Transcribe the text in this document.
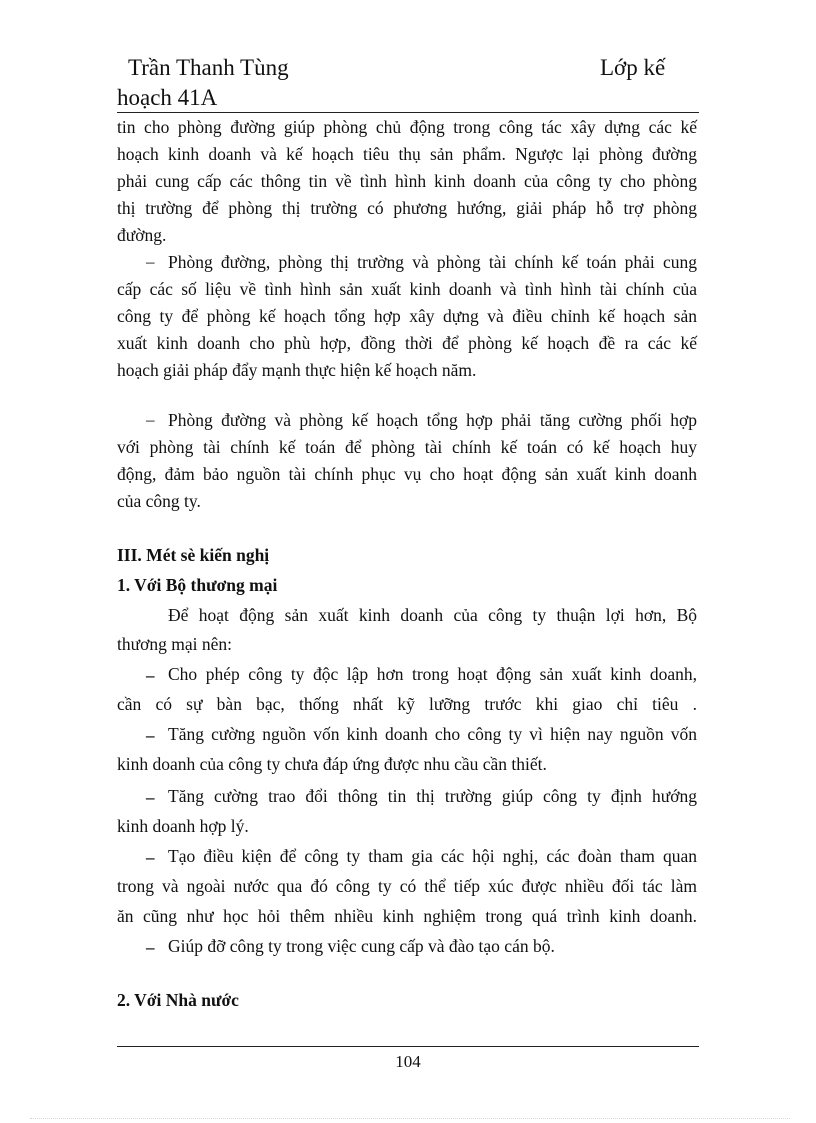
Trần Thanh Tùng	Lớp kế
hoạch 41A
tin cho phòng đường giúp phòng chủ động trong công tác xây dựng các kế
hoạch kinh doanh và kế hoạch tiêu thụ sản phẩm. Ngược lại phòng đường
phải cung cấp các thông tin về tình hình kinh doanh của công ty cho phòng
thị trường để phòng thị trường có phương hướng, giải pháp hỗ trợ phòng
đường.
– Phòng đường, phòng thị trường và phòng tài chính kế toán phải cung
cấp các số liệu về tình hình sản xuất kinh doanh và tình hình tài chính của
công ty để phòng kế hoạch tổng hợp xây dựng và điều chỉnh kế hoạch sản
xuất kinh doanh cho phù hợp, đồng thời để phòng kế hoạch đề ra các kế
hoạch giải pháp đẩy mạnh thực hiện kế hoạch năm.
– Phòng đường và phòng kế hoạch tổng hợp phải tăng cường phối hợp
với phòng tài chính kế toán để phòng tài chính kế toán có kế hoạch huy
động, đảm bảo nguồn tài chính phục vụ cho hoạt động sản xuất kinh doanh
của công ty.
III. Mét sè kiến nghị
1. Với Bộ thương mại
Để hoạt động sản xuất kinh doanh của công ty thuận lợi hơn, Bộ
thương mại nên:
– Cho phép công ty độc lập hơn trong hoạt động sản xuất kinh doanh,
cần có sự bàn bạc, thống nhất kỹ lưỡng trước khi giao chỉ tiêu .
– Tăng cường nguồn vốn kinh doanh cho công ty vì hiện nay nguồn vốn
kinh doanh của công ty chưa đáp ứng được nhu cầu cần thiết.
– Tăng cường trao đổi thông tin thị trường giúp công ty định hướng
kinh doanh hợp lý.
– Tạo điều kiện để công ty tham gia các hội nghị, các đoàn tham quan
trong và ngoài nước qua đó công ty có thể tiếp xúc được nhiều đối tác làm
ăn cũng như học hỏi thêm nhiều kinh nghiệm trong quá trình kinh doanh.
– Giúp đỡ công ty trong việc cung cấp và đào tạo cán bộ.
2. Với Nhà nước
104
